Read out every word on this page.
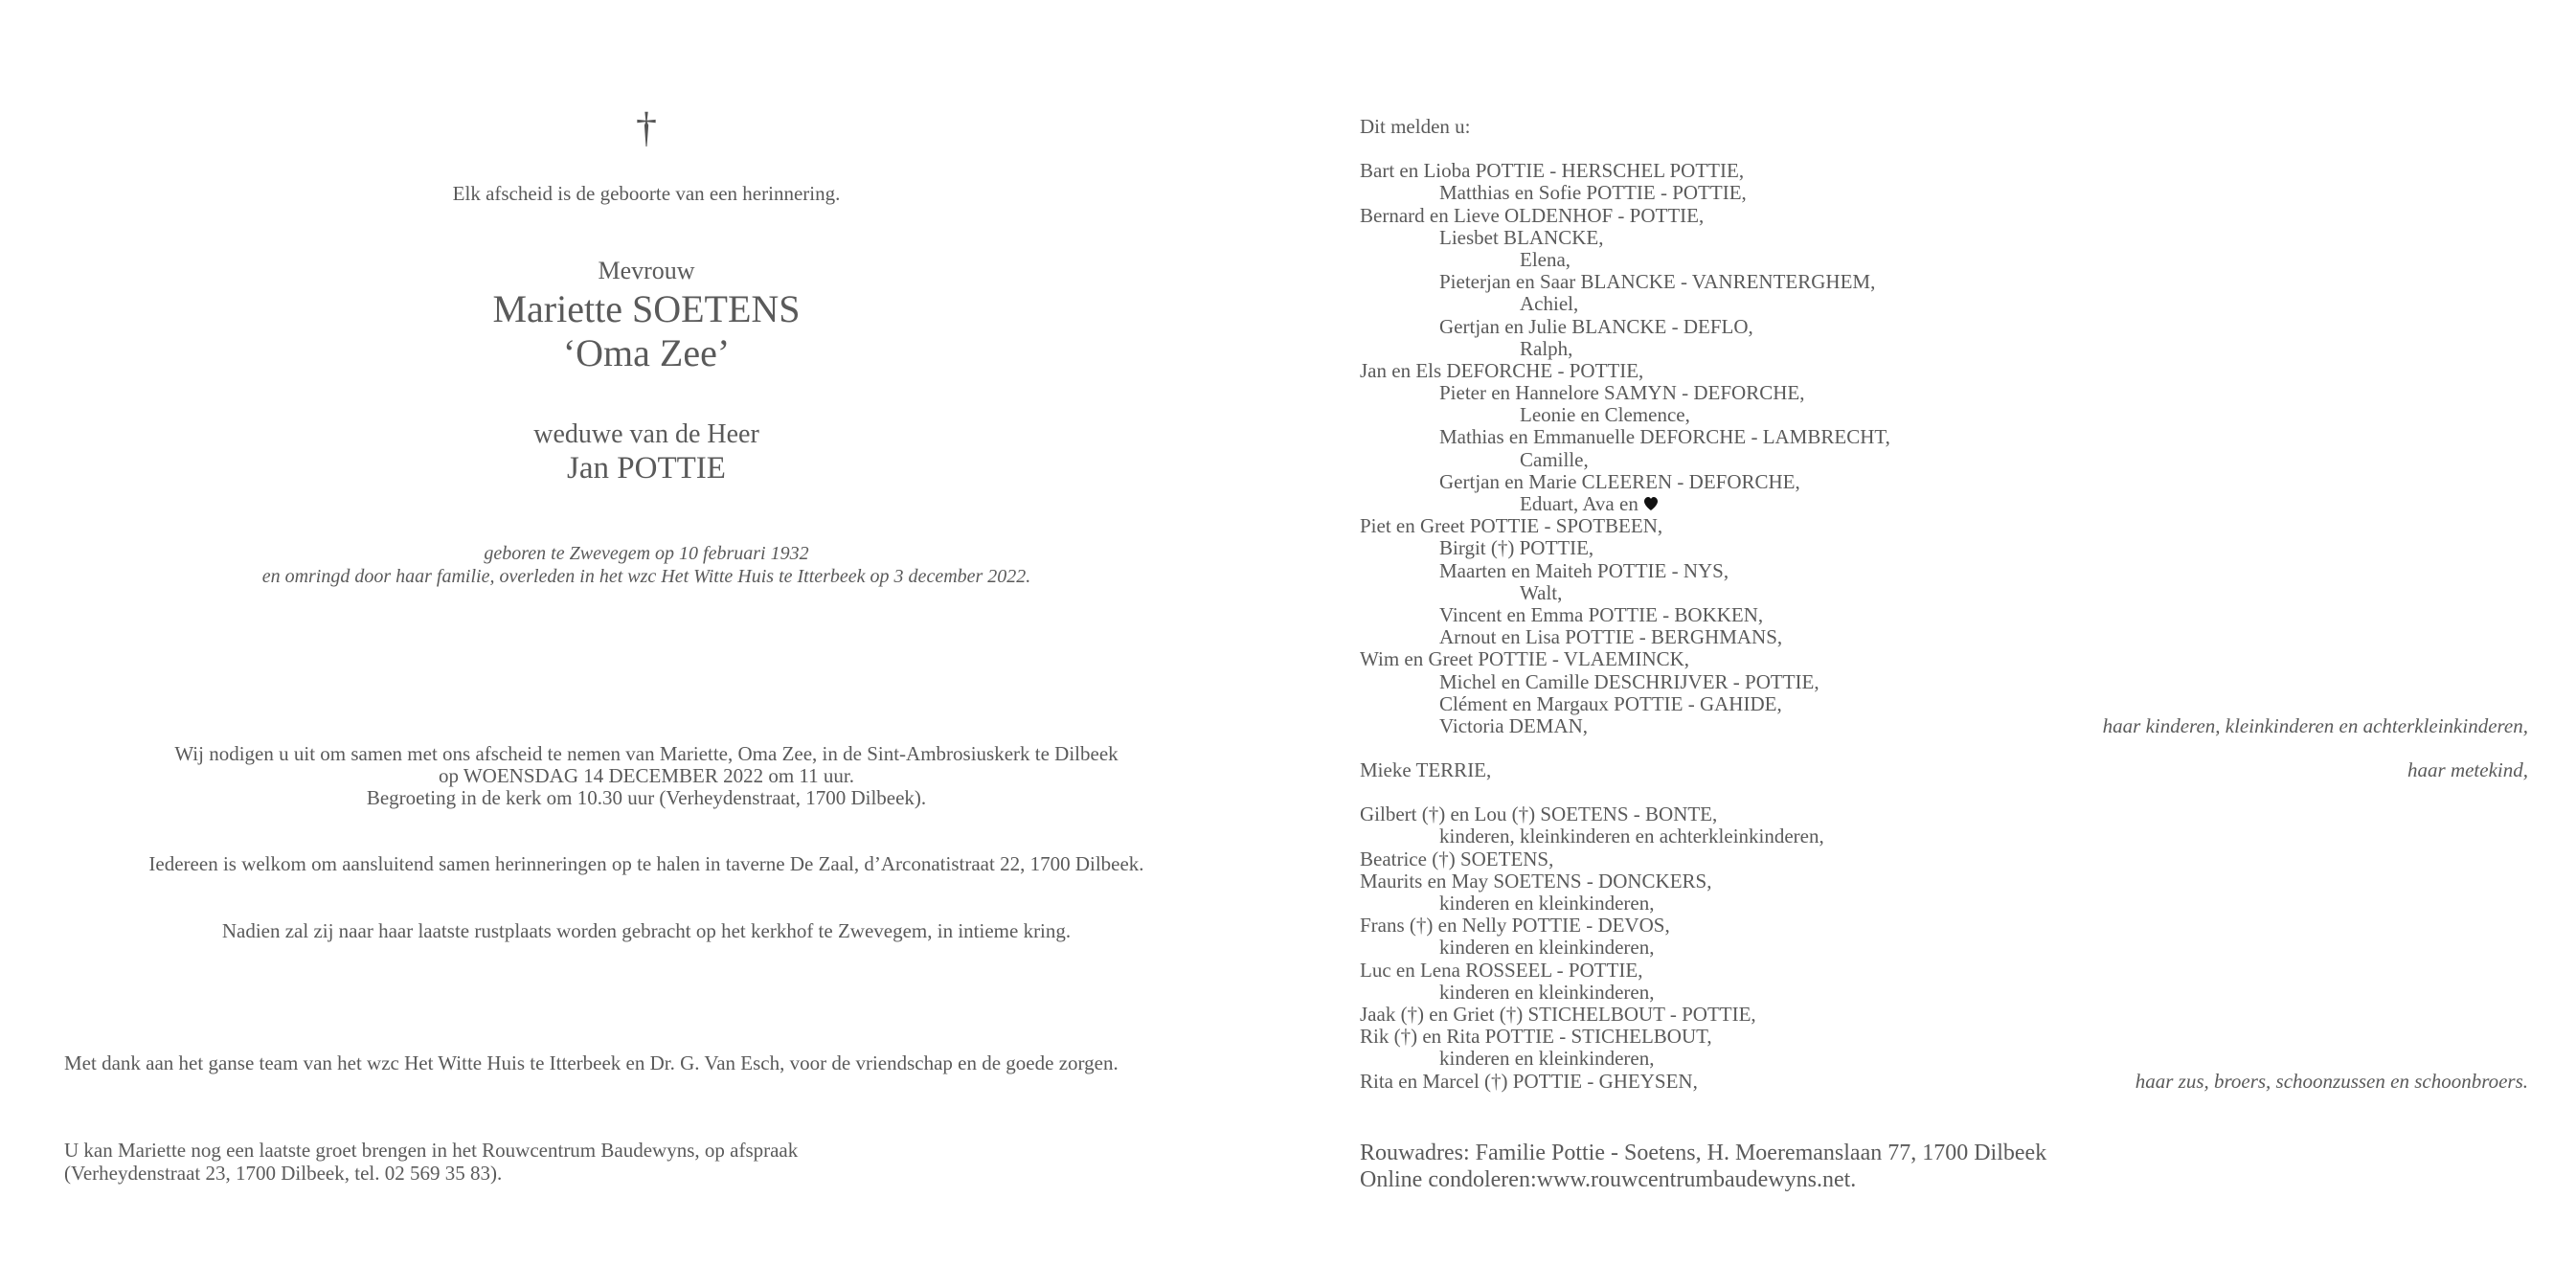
†
Elk afscheid is de geboorte van een herinnering.
Mevrouw
Mariette SOETENS
‘Oma Zee’
weduwe van de Heer
Jan POTTIE
geboren te Zwevegem op 10 februari 1932
en omringd door haar familie, overleden in het wzc Het Witte Huis te Itterbeek op 3 december 2022.
Wij nodigen u uit om samen met ons afscheid te nemen van Mariette, Oma Zee, in de Sint-Ambrosiuskerk te Dilbeek
op WOENSDAG 14 DECEMBER 2022 om 11 uur.
Begroeting in de kerk om 10.30 uur (Verheydenstraat, 1700 Dilbeek).
Iedereen is welkom om aansluitend samen herinneringen op te halen in taverne De Zaal, d’Arconatistraat 22, 1700 Dilbeek.
Nadien zal zij naar haar laatste rustplaats worden gebracht op het kerkhof te Zwevegem, in intieme kring.
Met dank aan het ganse team van het wzc Het Witte Huis te Itterbeek en Dr. G. Van Esch, voor de vriendschap en de goede zorgen.
U kan Mariette nog een laatste groet brengen in het Rouwcentrum Baudewyns, op afspraak
(Verheydenstraat 23, 1700 Dilbeek, tel. 02 569 35 83).
Dit melden u:
Bart en Lioba POTTIE - HERSCHEL POTTIE,
Matthias en Sofie POTTIE - POTTIE,
Bernard en Lieve OLDENHOF - POTTIE,
Liesbet BLANCKE,
Elena,
Pieterjan en Saar BLANCKE - VANRENTERGHEM,
Achiel,
Gertjan en Julie BLANCKE - DEFLO,
Ralph,
Jan en Els DEFORCHE - POTTIE,
Pieter en Hannelore SAMYN - DEFORCHE,
Leonie en Clemence,
Mathias en Emmanuelle DEFORCHE - LAMBRECHT,
Camille,
Gertjan en Marie CLEEREN - DEFORCHE,
Eduart, Ava en
Piet en Greet POTTIE - SPOTBEEN,
Birgit (†) POTTIE,
Maarten en Maiteh POTTIE - NYS,
Walt,
Vincent en Emma POTTIE - BOKKEN,
Arnout en Lisa POTTIE - BERGHMANS,
Wim en Greet POTTIE - VLAEMINCK,
Michel en Camille DESCHRIJVER - POTTIE,
Clément en Margaux POTTIE - GAHIDE,
Victoria DEMAN,	haar kinderen, kleinkinderen en achterkleinkinderen,
Mieke TERRIE,	haar metekind,
Gilbert (†) en Lou (†) SOETENS - BONTE,
kinderen, kleinkinderen en achterkleinkinderen,
Beatrice (†) SOETENS,
Maurits en May SOETENS - DONCKERS,
kinderen en kleinkinderen,
Frans (†) en Nelly POTTIE - DEVOS,
kinderen en kleinkinderen,
Luc en Lena ROSSEEL - POTTIE,
kinderen en kleinkinderen,
Jaak (†) en Griet (†) STICHELBOUT - POTTIE,
Rik (†) en Rita POTTIE - STICHELBOUT,
kinderen en kleinkinderen,
Rita en Marcel (†) POTTIE - GHEYSEN,	haar zus, broers, schoonzussen en schoonbroers.
Rouwadres: Familie Pottie - Soetens, H. Moeremanslaan 77, 1700 Dilbeek
Online condoleren:www.rouwcentrumbaudewyns.net.
